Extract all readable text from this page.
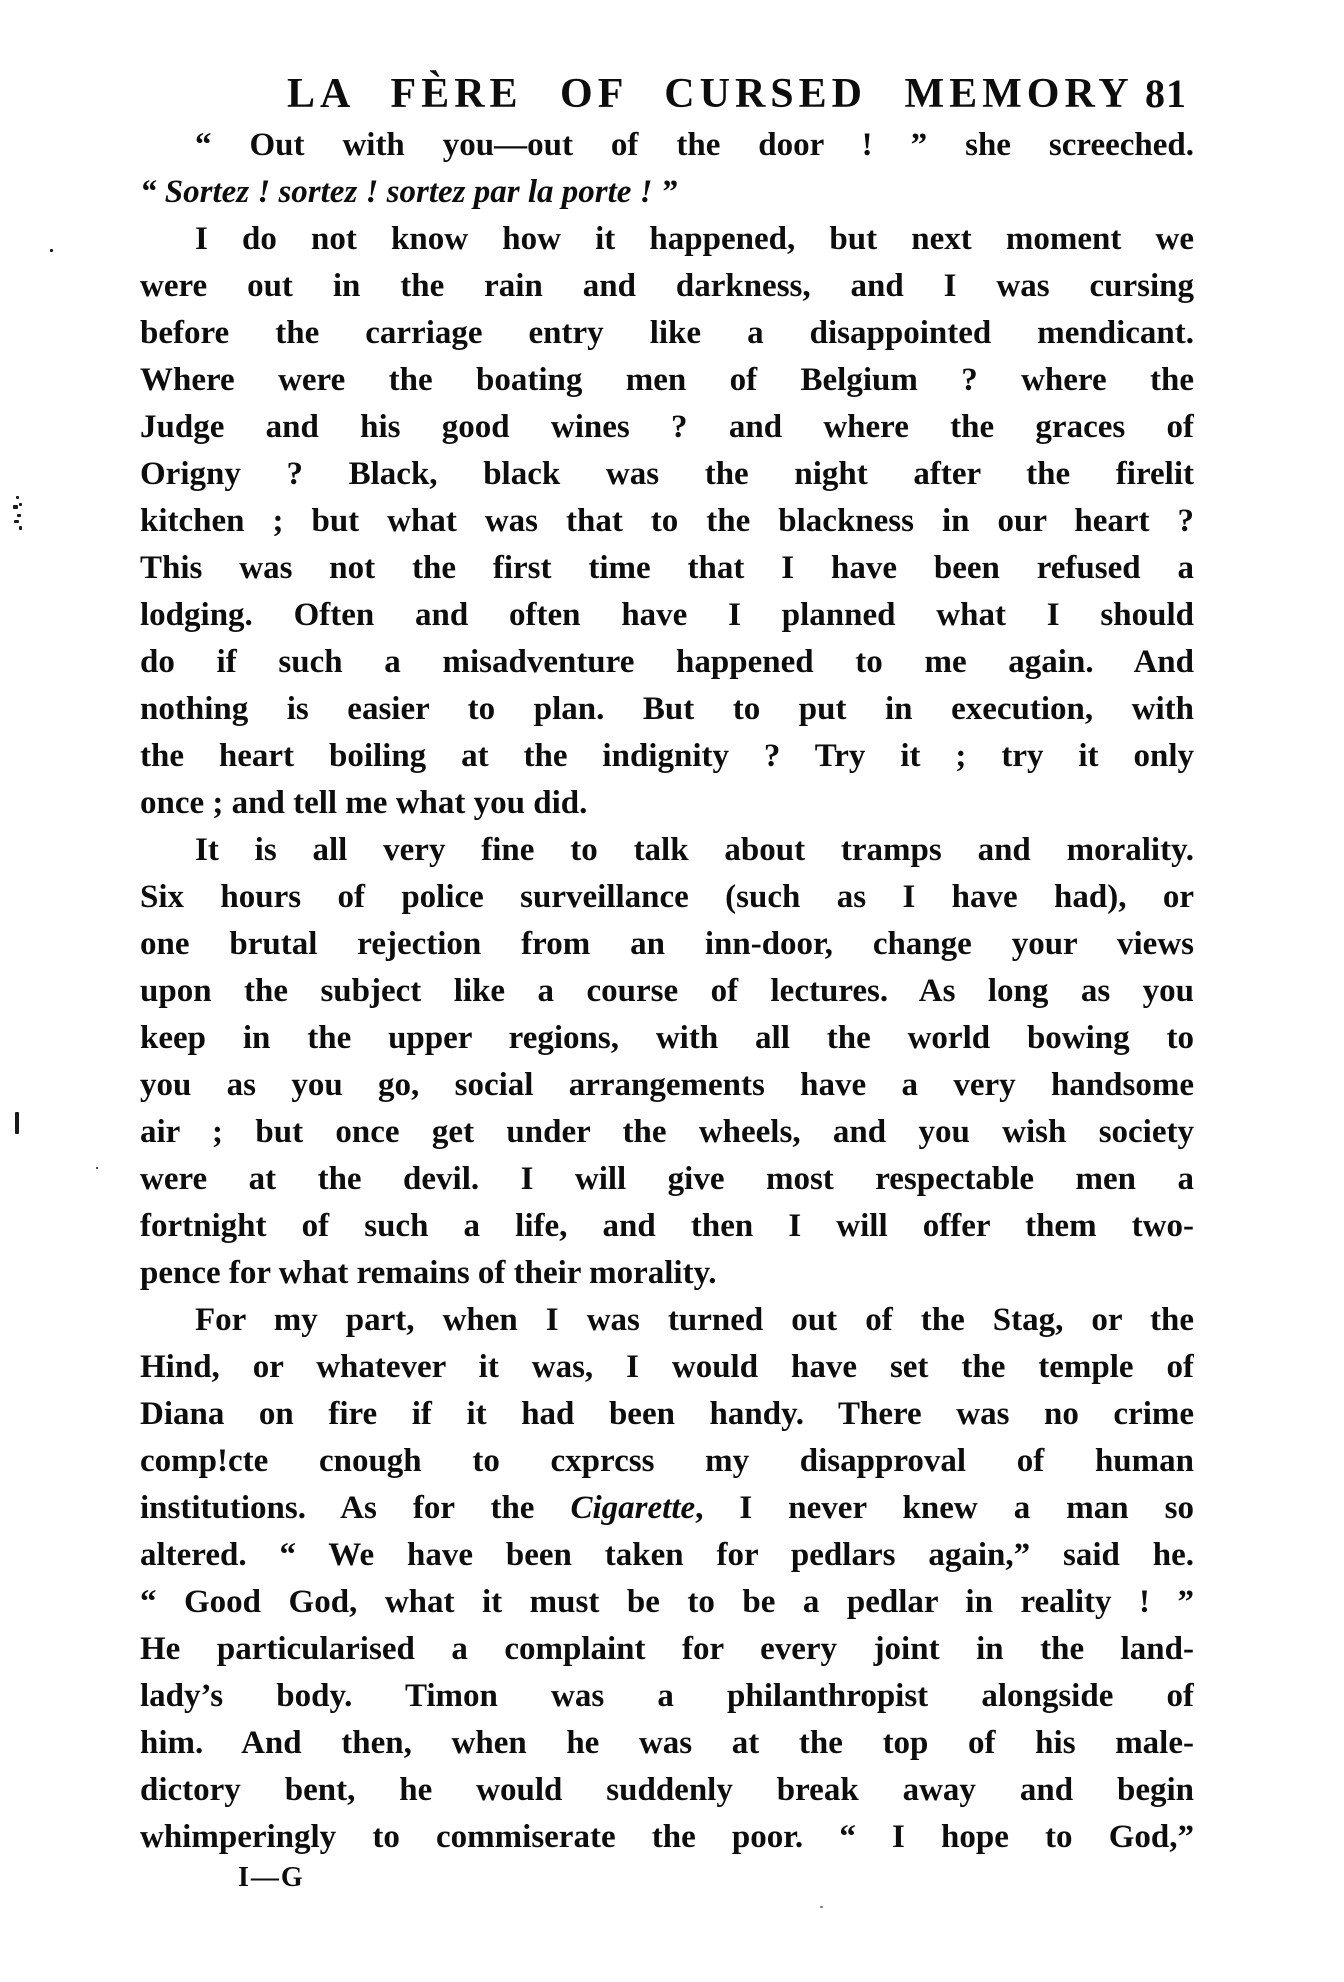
LA FÈRE OF CURSED MEMORY 81
“ Out with you—out of the door ! ” she screeched.
“ Sortez ! sortez ! sortez par la porte ! ”
I do not know how it happened, but next moment we
were out in the rain and darkness, and I was cursing
before the carriage entry like a disappointed mendicant.
Where were the boating men of Belgium ? where the
Judge and his good wines ? and where the graces of
Origny ? Black, black was the night after the firelit
kitchen ; but what was that to the blackness in our heart ?
This was not the first time that I have been refused a
lodging. Often and often have I planned what I should
do if such a misadventure happened to me again. And
nothing is easier to plan. But to put in execution, with
the heart boiling at the indignity ? Try it ; try it only
once ; and tell me what you did.
It is all very fine to talk about tramps and morality.
Six hours of police surveillance (such as I have had), or
one brutal rejection from an inn-door, change your views
upon the subject like a course of lectures. As long as you
keep in the upper regions, with all the world bowing to
you as you go, social arrangements have a very handsome
air ; but once get under the wheels, and you wish society
were at the devil. I will give most respectable men a
fortnight of such a life, and then I will offer them two-
pence for what remains of their morality.
For my part, when I was turned out of the Stag, or the
Hind, or whatever it was, I would have set the temple of
Diana on fire if it had been handy. There was no crime
comp!cte cnough to cxprcss my disapproval of human
institutions. As for the Cigarette, I never knew a man so
altered. “ We have been taken for pedlars again,” said he.
“ Good God, what it must be to be a pedlar in reality ! ”
He particularised a complaint for every joint in the land-
lady’s body. Timon was a philanthropist alongside of
him. And then, when he was at the top of his male-
dictory bent, he would suddenly break away and begin
whimperingly to commiserate the poor. “ I hope to God,”
I—G
